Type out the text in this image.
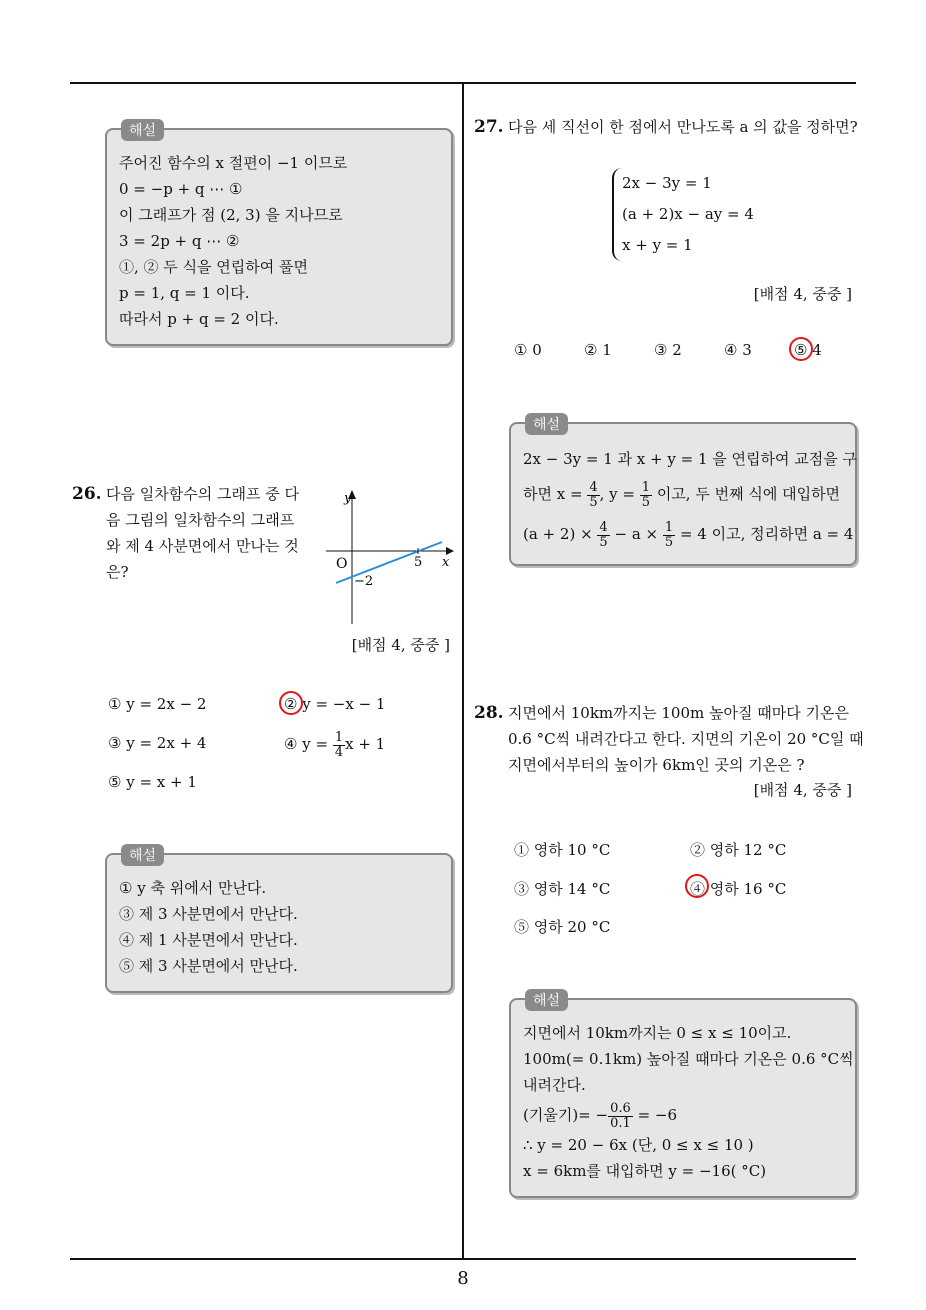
해설
주어진 함수의 x 절편이 −1 이므로
0 = −p + q ⋯ ①
이 그래프가 점 (2, 3) 을 지나므로
3 = 2p + q ⋯ ②
①, ② 두 식을 연립하여 풀면
p = 1, q = 1 이다.
따라서 p + q = 2 이다.
26. 다음 일차함수의 그래프 중 다
음 그림의 일차함수의 그래프
와 제 4 사분면에서 만나는 것
은?
y
x
O	5
−2
[배점 4, 중중 ]
① y = 2x − 2	② y = −x − 1
③ y = 2x + 4	④ $y = \frac{1}{4}$ x + 1
⑤ y = x + 1
해설
① y 축 위에서 만난다.
③ 제 3 사분면에서 만난다.
④ 제 1 사분면에서 만난다.
⑤ 제 3 사분면에서 만난다.
27. 다음 세 직선이 한 점에서 만나도록 a 의 값을 정하면?
2x − 3y = 1
(a + 2)x − ay = 4
x + y = 1
[배점 4, 중중 ]
① 0	② 1	③ 2	④ 3	⑤ 4
해설
2x − 3y = 1 과 x + y = 1 을 연립하여 교점을 구
하면 $x = \frac{4}{5}$ , $y = \frac{1}{5}$ 이고, 두 번째 식에 대입하면
$(a + 2) \times \frac{4}{5} - a \times \frac{1}{5} = 4$ 이고, 정리하면 a = 4
28. 지면에서 10km까지는 100m 높아질 때마다 기온은
0.6 °C씩 내려간다고 한다. 지면의 기온이 20 °C일 때
지면에서부터의 높이가 6km인 곳의 기온은 ?
[배점 4, 중중 ]
① 영하 10 °C	② 영하 12 °C
③ 영하 14 °C	④ 영하 16 °C
⑤ 영하 20 °C
해설
지면에서 10km까지는 0 ≤ x ≤ 10이고.
100m(= 0.1km) 높아질 때마다 기온은 0.6 °C씩
내려간다.
(기울기)= − $\frac{0.6}{0.1} = -6$
∴ y = 20 − 6x (단, 0 ≤ x ≤ 10 )
x = 6km를 대입하면 y = −16( °C)
8
